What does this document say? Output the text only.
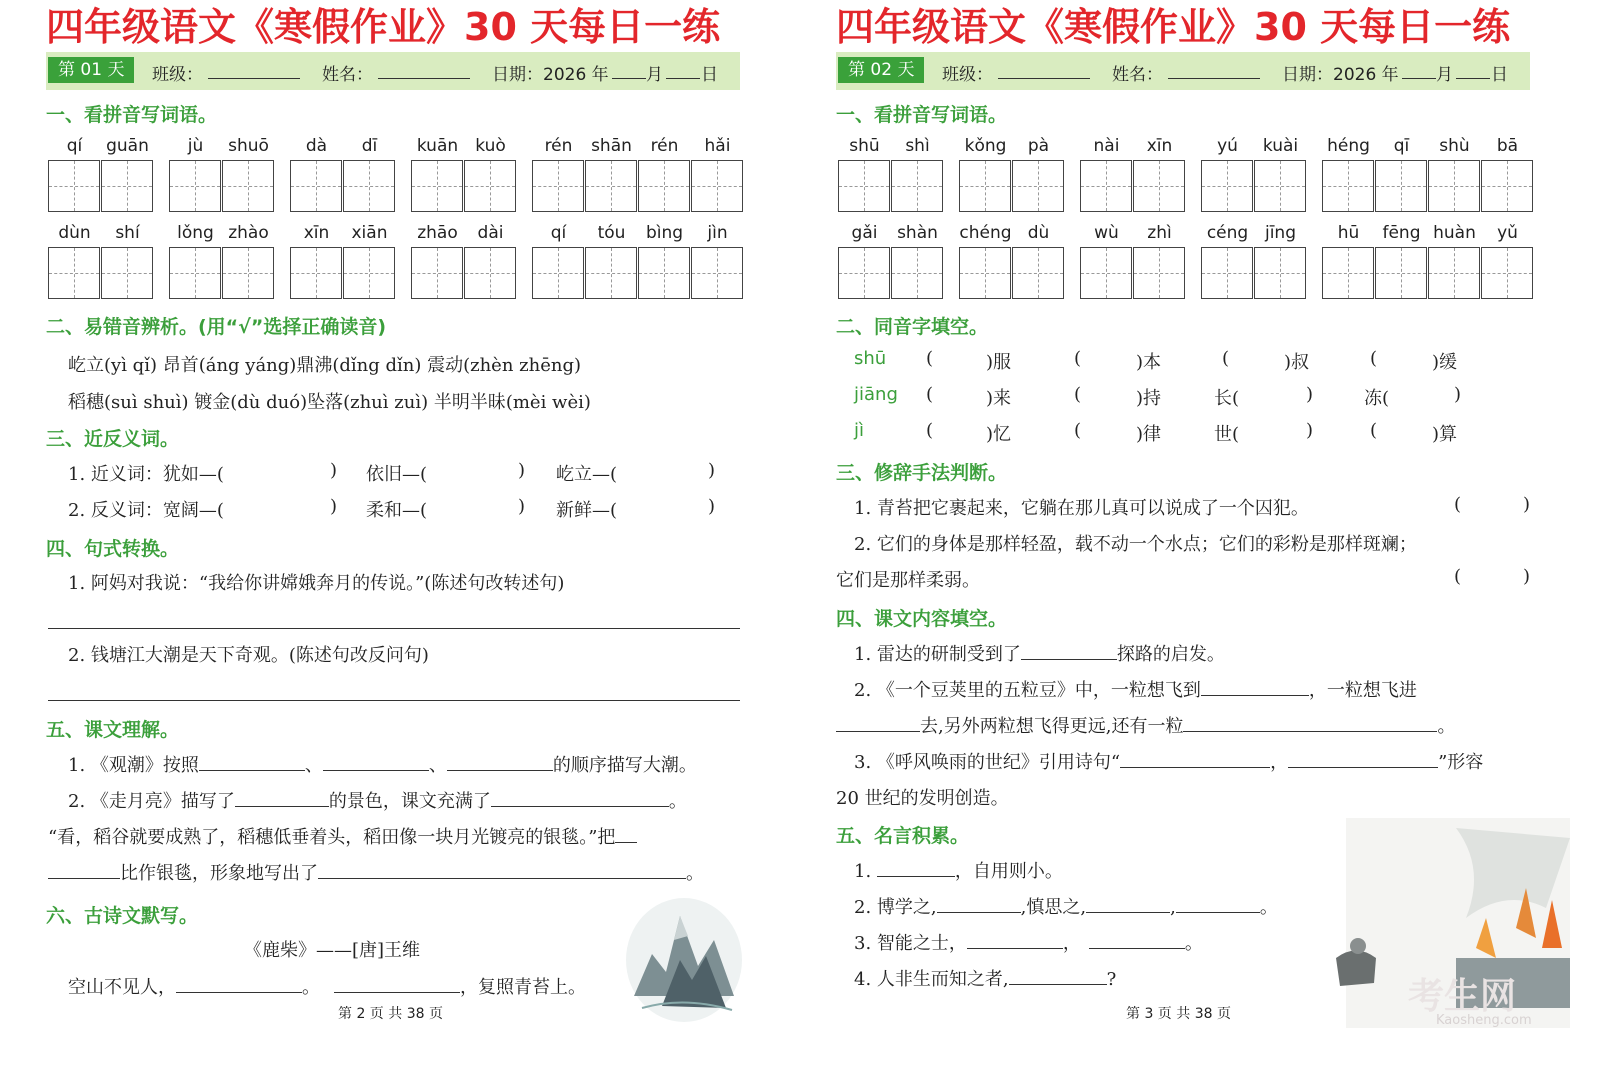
四年级语文《寒假作业》30 天每日一练
第 01 天	班级：	姓名：	日期：2026 年 月 日
一、看拼音写词语。
qí	guān	jù	shuō	dà	dī	kuān	kuò	rén	shān	rén	hǎi
dùn	shí	lǒng zhào	xīn	xiān	zhāo	dài	qí	tóu	bìng	jìn
二、易错音辨析。(用“√”选择正确读音)
屹立(yì qǐ) 昂首(áng yáng)鼎沸(dǐng dǐn) 震动(zhèn zhēng)
稻穗(suì shuì) 镀金(dù duó)坠落(zhuì zuì) 半明半昧(mèi wèi)
三、近反义词。
1. 近义词：犹如—(	) 依旧—(	) 屹立—(	)
2. 反义词：宽阔—(	) 柔和—(	) 新鲜—(	)
四、句式转换。
1. 阿妈对我说：“我给你讲嫦娥奔月的传说。”(陈述句改转述句)
2. 钱塘江大潮是天下奇观。(陈述句改反问句)
五、课文理解。
1. 《观潮》按照	、	、	的顺序描写大潮。
2. 《走月亮》描写了	的景色，课文充满了	。
“看，稻谷就要成熟了，稻穗低垂着头，稻田像一块月光镀亮的银毯。”把
比作银毯，形象地写出了	。
六、古诗文默写。
《鹿柴》——[唐]王维
空山不见人，	。	，复照青苔上。
第 2 页 共 38 页
四年级语文《寒假作业》30 天每日一练
第 02 天	班级：	姓名：	日期：2026 年 月 日
一、看拼音写词语。
shū	shì	kǒng	pà	nài	xīn	yú	kuài	héng	qī	shù	bā
gǎi	shàn	chéng dù	wù	zhì	céng jīng	hū	fēng huàn	yǔ
二、同音字填空。
shū (	)服	(	)本	(	)叔	(	)缓
jiāng (	)来	(	)持	长(	)	冻(	)
jì	(	)忆	(	)律	世(	)	(	)算
三、修辞手法判断。
1. 青苔把它裹起来，它躺在那儿真可以说成了一个囚犯。	(	)
2. 它们的身体是那样轻盈，载不动一个水点；它们的彩粉是那样斑斓；
它们是那样柔弱。	(	)
四、课文内容填空。
1. 雷达的研制受到了	探路的启发。
2. 《一个豆荚里的五粒豆》中，一粒想飞到	，一粒想飞进
去,另外两粒想飞得更远,还有一粒	。
3. 《呼风唤雨的世纪》引用诗句“	，	”形容
20 世纪的发明创造。
五、名言积累。
1.	，自用则小。
2. 博学之,	,慎思之,	,	。
3. 智能之士，	，	。
4. 人非生而知之者,	?	考生网
Kaosheng.com
第 3 页 共 38 页
